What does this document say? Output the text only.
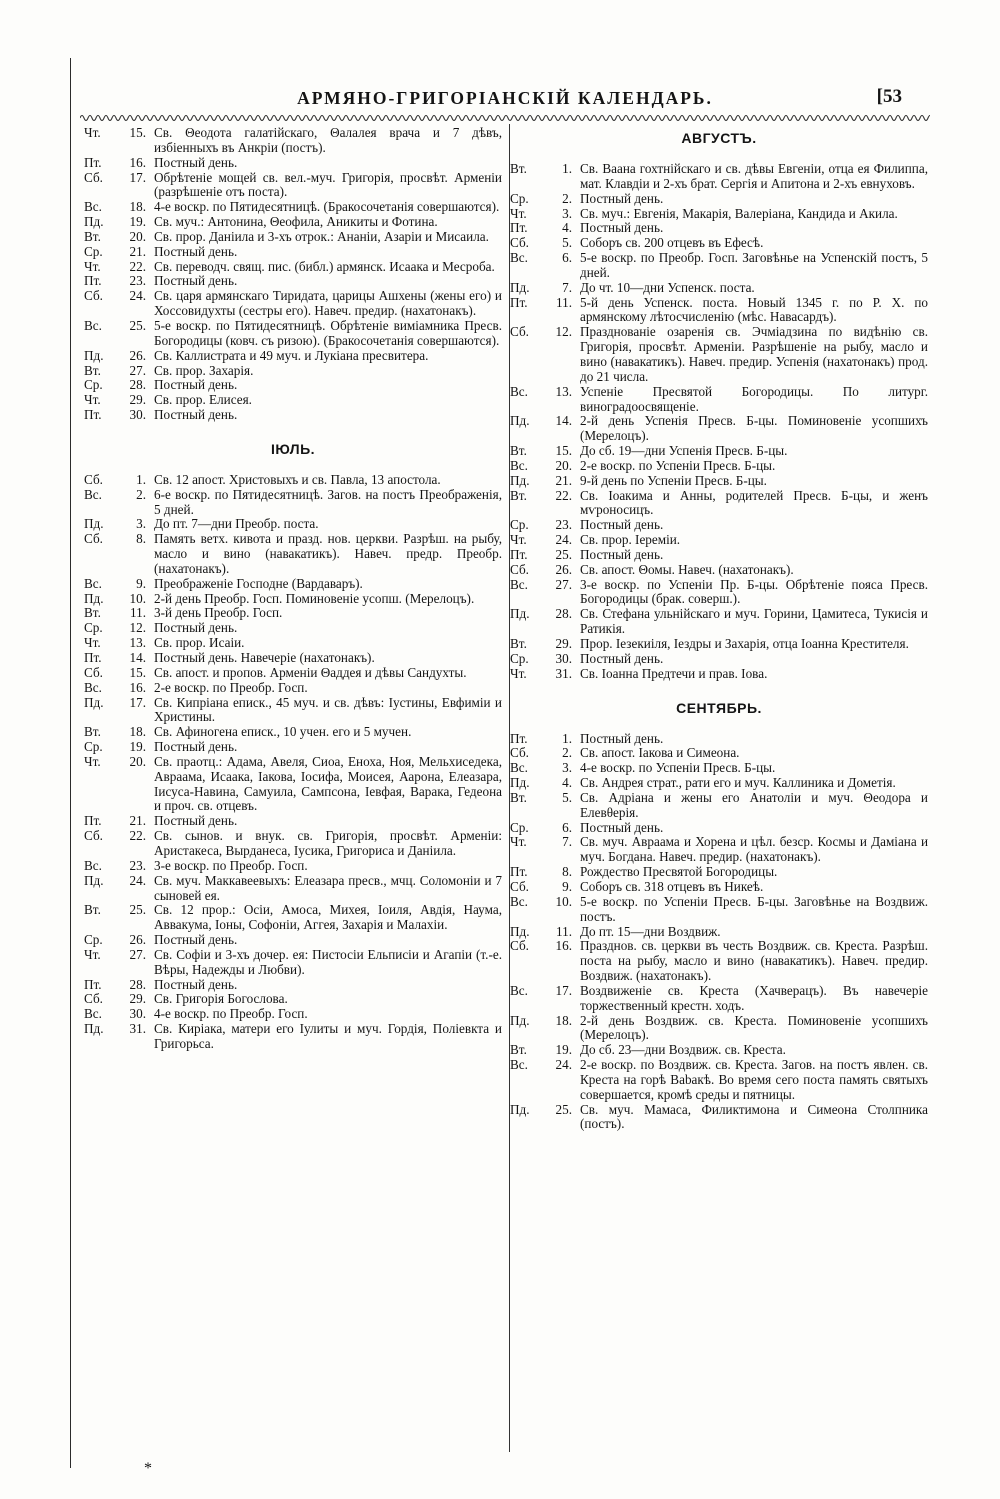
АРМЯНО-ГРИГОРІАНСКІЙ КАЛЕНДАРЬ.	[53
Чт.	15. Св. Θеодота галатійскаго, Θалалея врача и 7 дѣвъ, избіенныхъ въ Анкріи (постъ).
Пт.	16. Постный день.
Сб.	17. Обрѣтеніе мощей св. вел.-муч. Григорія, просвѣт. Арменіи (разрѣшеніе отъ поста).
Вс.	18. 4-е воскр. по Пятидесятницѣ. (Бракосочетанія совершаются).
Пд.	19. Св. муч.: Антонина, Θеофила, Аникиты и Фотина.
Вт.	20. Св. прор. Даніила и 3-хъ отрок.: Ананіи, Азаріи и Мисаила.
Ср.	21. Постный день.
Чт.	22. Св. переводч. свящ. пис. (библ.) армянск. Исаака и Месроба.
Пт.	23. Постный день.
Сб.	24. Св. царя армянскаго Тиридата, царицы Ашхены (жены его) и Хоссовидухты (сестры его). Навеч. предир. (нахатонакъ).
Вс.	25. 5-е воскр. по Пятидесятницѣ. Обрѣтеніе виміамника Пресв. Богородицы (ковч. съ ризою). (Бракосочетанія совершаются).
Пд.	26. Св. Каллистрата и 49 муч. и Лукіана пресвитера.
Вт.	27. Св. прор. Захарія.
Ср.	28. Постный день.
Чт.	29. Св. прор. Елисея.
Пт.	30. Постный день.
ІЮЛЬ.
Сб.	1. Св. 12 апост. Христовыхъ и св. Павла, 13 апостола.
Вс.	2. 6-е воскр. по Пятидесятницѣ. Загов. на постъ Преображенія, 5 дней.
Пд.	3. До пт. 7—дни Преобр. поста.
Сб.	8. Память ветх. кивота и празд. нов. церкви. Разрѣш. на рыбу, масло и вино (навакатикъ). Навеч. предр. Преобр. (нахатонакъ).
Вс.	9. Преображеніе Господне (Вардаваръ).
Пд.	10. 2-й день Преобр. Госп. Поминовеніе усопш. (Мерелоцъ).
Вт.	11. 3-й день Преобр. Госп.
Ср.	12. Постный день.
Чт.	13. Св. прор. Исаіи.
Пт.	14. Постный день. Навечеріе (нахатонакъ).
Сб.	15. Св. апост. и пропов. Арменіи Θаддея и дѣвы Сандухты.
Вс.	16. 2-е воскр. по Преобр. Госп.
Пд.	17. Св. Кипріана еписк., 45 муч. и св. дѣвъ: Іустины, Евфиміи и Христины.
Вт.	18. Св. Афиногена еписк., 10 учен. его и 5 мучен.
Ср.	19. Постный день.
Чт.	20. Св. праотц.: Адама, Авеля, Сиоа, Еноха, Ноя, Мельхиседека, Авраама, Исаака, Іакова, Іосифа, Моисея, Аарона, Елеазара, Іисуса-Навина, Самуила, Сампсона, Іевфая, Варака, Гедеона и проч. св. отцевъ.
Пт.	21. Постный день.
Сб.	22. Св. сынов. и внук. св. Григорія, просвѣт. Арменіи: Аристакеса, Вырданеса, Іусика, Григориса и Даніила.
Вс.	23. 3-е воскр. по Преобр. Госп.
Пд.	24. Св. муч. Маккавеевыхъ: Елеазара пресв., мчц. Соломоніи и 7 сыновей ея.
Вт.	25. Св. 12 прор.: Осіи, Амоса, Михея, Іоиля, Авдія, Наума, Аввакума, Іоны, Софоніи, Аггея, Захарія и Малахіи.
Ср.	26. Постный день.
Чт.	27. Св. Софіи и 3-хъ дочер. ея: Пистосіи Ельписіи и Агапіи (т.-е. Вѣры, Надежды и Любви).
Пт.	28. Постный день.
Сб.	29. Св. Григорія Богослова.
Вс.	30. 4-е воскр. по Преобр. Госп.
Пд.	31. Св. Киріака, матери его Іулиты и муч. Гордія, Поліевкта и Григорьса.
АВГУСТЪ.
Вт.	1. Св. Ваана гохтнійскаго и св. дѣвы Евгеніи, отца ея Филиппа, мат. Клавдіи и 2-хъ брат. Сергія и Апитона и 2-хъ евнуховъ.
Ср.	2. Постный день.
Чт.	3. Св. муч.: Евгенія, Макарія, Валеріана, Кандида и Акила.
Пт.	4. Постный день.
Сб.	5. Соборъ св. 200 отцевъ въ Ефесѣ.
Вс.	6. 5-е воскр. по Преобр. Госп. Заговѣнье на Успенскій постъ, 5 дней.
Пд.	7. До чт. 10—дни Успенск. поста.
Пт.	11. 5-й день Успенск. поста. Новый 1345 г. по Р. Х. по армянскому лѣтосчисленію (мѣс. Навасардъ).
Сб.	12. Празднованіе озаренія св. Эчміадзина по видѣнію св. Григорія, просвѣт. Арменіи. Разрѣшеніе на рыбу, масло и вино (навакатикъ). Навеч. предир. Успенія (нахатонакъ) прод. до 21 числа.
Вс.	13. Успеніе Пресвятой Богородицы. По литург. виноградоосвященіе.
Пд.	14. 2-й день Успенія Пресв. Б-цы. Поминовеніе усопшихъ (Мерелоцъ).
Вт.	15. До сб. 19—дни Успенія Пресв. Б-цы.
Вс.	20. 2-е воскр. по Успеніи Пресв. Б-цы.
Пд.	21. 9-й день по Успеніи Пресв. Б-цы.
Вт.	22. Св. Іоакима и Анны, родителей Пресв. Б-цы, и женъ мѵроносицъ.
Ср.	23. Постный день.
Чт.	24. Св. прор. Іереміи.
Пт.	25. Постный день.
Сб.	26. Св. апост. Θомы. Навеч. (нахатонакъ).
Вс.	27. 3-е воскр. по Успеніи Пр. Б-цы. Обрѣтеніе пояса Пресв. Богородицы (брак. соверш.).
Пд.	28. Св. Стефана ульнійскаго и муч. Горини, Цамитеса, Тукисія и Ратикія.
Вт.	29. Прор. Іезекиіля, Іездры и Захарія, отца Іоанна Крестителя.
Ср.	30. Постный день.
Чт.	31. Св. Іоанна Предтечи и прав. Іова.
СЕНТЯБРЬ.
Пт.	1. Постный день.
Сб.	2. Св. апост. Іакова и Симеона.
Вс.	3. 4-е воскр. по Успеніи Пресв. Б-цы.
Пд.	4. Св. Андрея страт., рати его и муч. Каллиника и Дометія.
Вт.	5. Св. Адріана и жены его Анатоліи и муч. Θеодора и Елевθерія.
Ср.	6. Постный день.
Чт.	7. Св. муч. Авраама и Хорена и цѣл. безср. Космы и Даміана и муч. Богдана. Навеч. предир. (нахатонакъ).
Пт.	8. Рождество Пресвятой Богородицы.
Сб.	9. Соборъ св. 318 отцевъ въ Никеѣ.
Вс.	10. 5-е воскр. по Успеніи Пресв. Б-цы. Заговѣнье на Воздвиж. постъ.
Пд.	11. До пт. 15—дни Воздвиж.
Сб.	16. Празднов. св. церкви въ честь Воздвиж. св. Креста. Разрѣш. поста на рыбу, масло и вино (навакатикъ). Навеч. предир. Воздвиж. (нахатонакъ).
Вс.	17. Воздвиженіе св. Креста (Хачверацъ). Въ навечеріе торжественный крестн. ходъ.
Пд.	18. 2-й день Воздвиж. св. Креста. Поминовеніе усопшихъ (Мерелоцъ).
Вт.	19. До сб. 23—дни Воздвиж. св. Креста.
Вс.	24. 2-е воскр. по Воздвиж. св. Креста. Загов. на постъ явлен. св. Креста на горѣ Babaкѣ. Во время сего поста память святыхъ совершается, кромѣ среды и пятницы.
Пд.	25. Св. муч. Мамаса, Филиктимона и Симеона Столпника (постъ).
*
